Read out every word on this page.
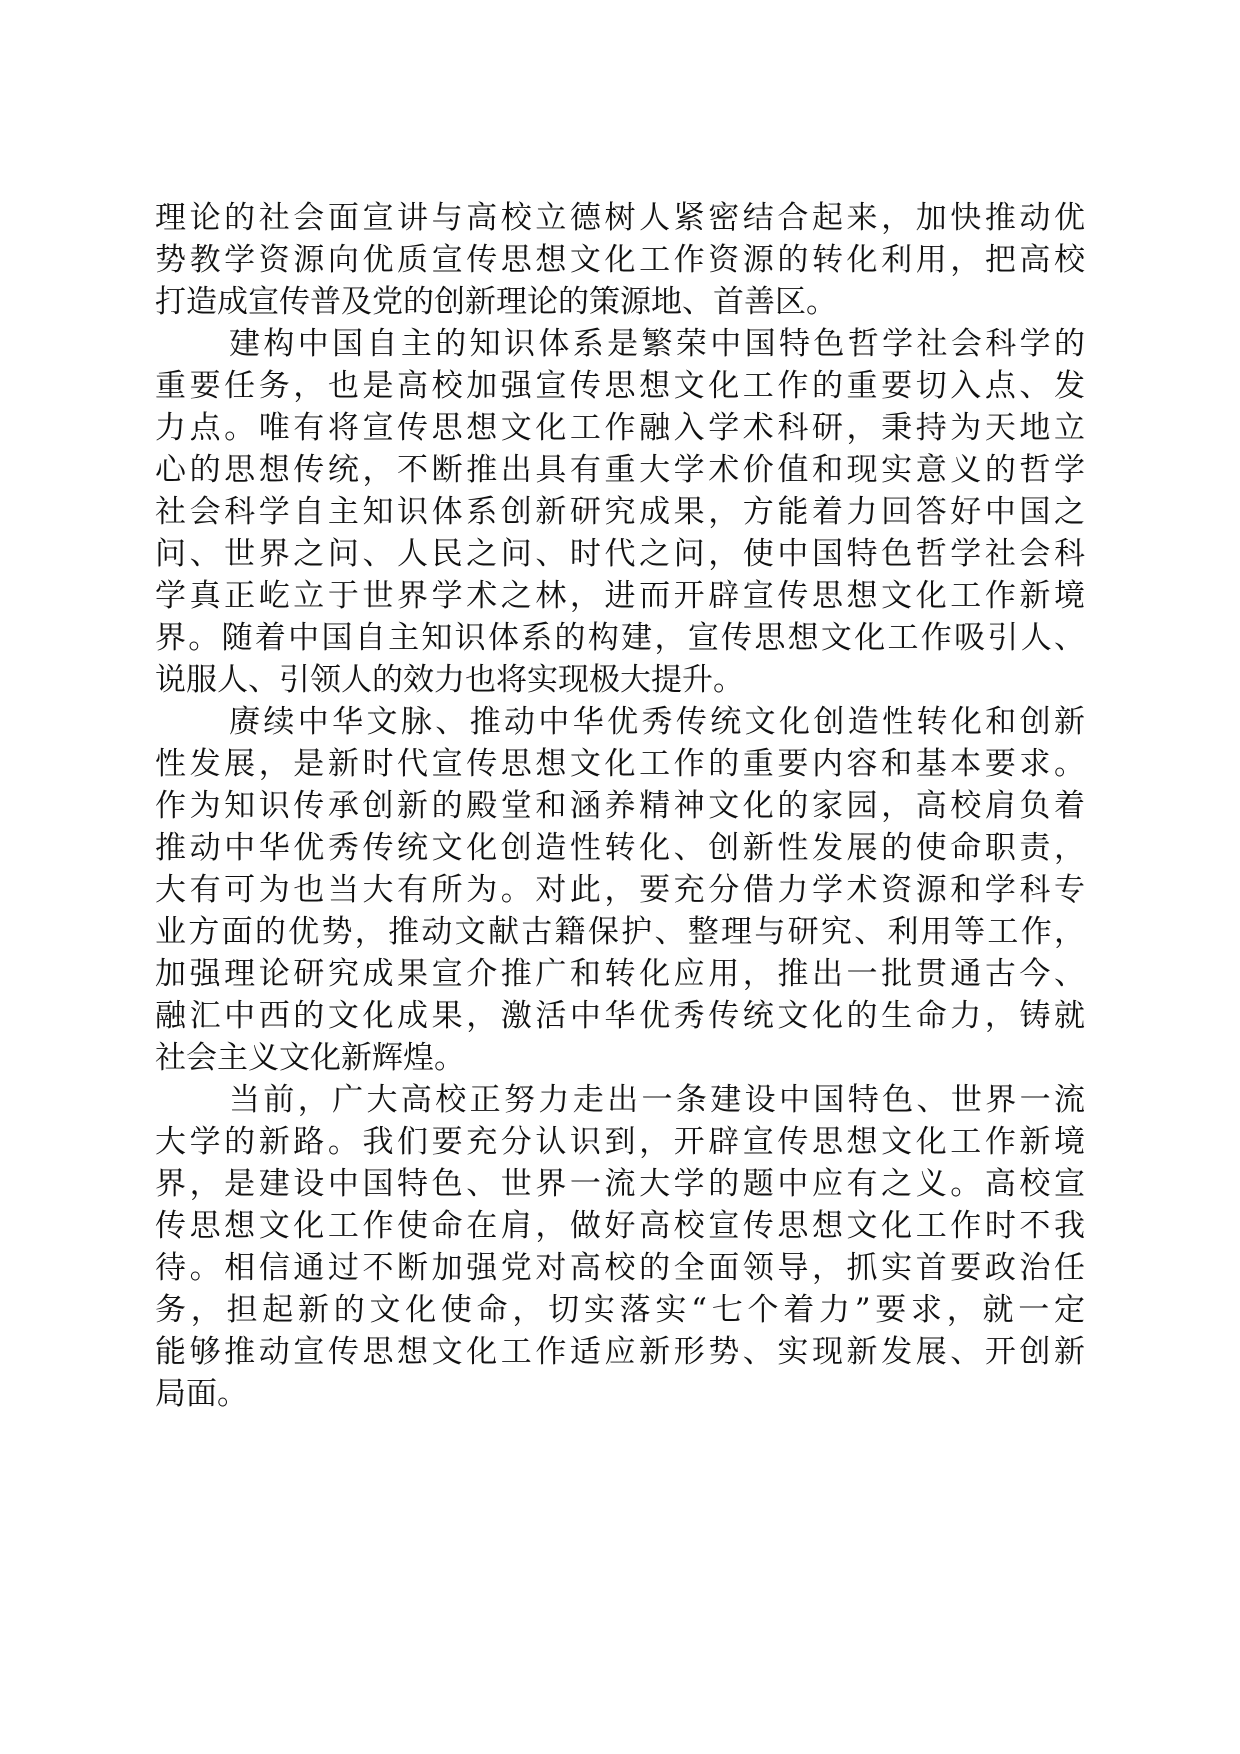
理论的社会面宣讲与高校立德树人紧密结合起来，加快推动优
势教学资源向优质宣传思想文化工作资源的转化利用，把高校
打造成宣传普及党的创新理论的策源地、首善区。
建构中国自主的知识体系是繁荣中国特色哲学社会科学的
重要任务，也是高校加强宣传思想文化工作的重要切入点、发
力点。唯有将宣传思想文化工作融入学术科研，秉持为天地立
心的思想传统，不断推出具有重大学术价值和现实意义的哲学
社会科学自主知识体系创新研究成果，方能着力回答好中国之
问、世界之问、人民之问、时代之问，使中国特色哲学社会科
学真正屹立于世界学术之林，进而开辟宣传思想文化工作新境
界。随着中国自主知识体系的构建，宣传思想文化工作吸引人、
说服人、引领人的效力也将实现极大提升。
赓续中华文脉、推动中华优秀传统文化创造性转化和创新
性发展，是新时代宣传思想文化工作的重要内容和基本要求。
作为知识传承创新的殿堂和涵养精神文化的家园，高校肩负着
推动中华优秀传统文化创造性转化、创新性发展的使命职责，
大有可为也当大有所为。对此，要充分借力学术资源和学科专
业方面的优势，推动文献古籍保护、整理与研究、利用等工作，
加强理论研究成果宣介推广和转化应用，推出一批贯通古今、
融汇中西的文化成果，激活中华优秀传统文化的生命力，铸就
社会主义文化新辉煌。
当前，广大高校正努力走出一条建设中国特色、世界一流
大学的新路。我们要充分认识到，开辟宣传思想文化工作新境
界，是建设中国特色、世界一流大学的题中应有之义。高校宣
传思想文化工作使命在肩，做好高校宣传思想文化工作时不我
待。相信通过不断加强党对高校的全面领导，抓实首要政治任
务，担起新的文化使命，切实落实“七个着力”要求，就一定
能够推动宣传思想文化工作适应新形势、实现新发展、开创新
局面。
